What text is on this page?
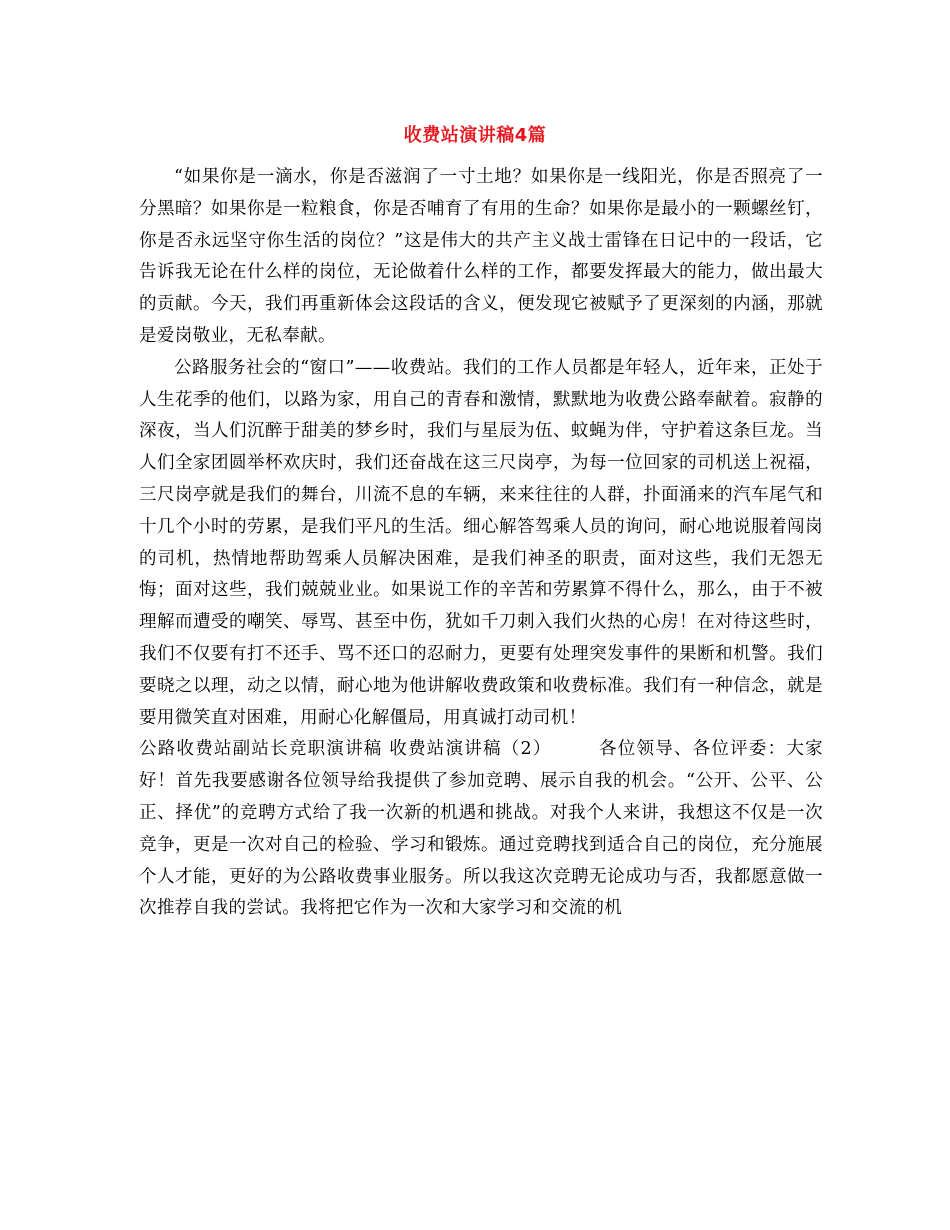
收费站演讲稿4篇

“如果你是一滴水，你是否滋润了一寸土地？如果你是一线阳光，你是否照亮了一分黑暗？如果你是一粒粮食，你是否哺育了有用的生命？如果你是最小的一颗螺丝钉，你是否永远坚守你生活的岗位？”这是伟大的共产主义战士雷锋在日记中的一段话，它告诉我无论在什么样的岗位，无论做着什么样的工作，都要发挥最大的能力，做出最大的贡献。今天，我们再重新体会这段话的含义，便发现它被赋予了更深刻的内涵，那就是爱岗敬业，无私奉献。

公路服务社会的“窗口”——收费站。我们的工作人员都是年轻人，近年来，正处于人生花季的他们，以路为家，用自己的青春和激情，默默地为收费公路奉献着。寂静的深夜，当人们沉醉于甜美的梦乡时，我们与星辰为伍、蚊蝇为伴，守护着这条巨龙。当人们全家团圆举杯欢庆时，我们还奋战在这三尺岗亭，为每一位回家的司机送上祝福，三尺岗亭就是我们的舞台，川流不息的车辆，来来往往的人群，扑面涌来的汽车尾气和十几个小时的劳累，是我们平凡的生活。细心解答驾乘人员的询问，耐心地说服着闯岗的司机，热情地帮助驾乘人员解决困难，是我们神圣的职责，面对这些，我们无怨无悔；面对这些，我们兢兢业业。如果说工作的辛苦和劳累算不得什么，那么，由于不被理解而遭受的嘲笑、辱骂、甚至中伤，犹如千刀刺入我们火热的心房！在对待这些时，我们不仅要有打不还手、骂不还口的忍耐力，更要有处理突发事件的果断和机警。我们要晓之以理，动之以情，耐心地为他讲解收费政策和收费标准。我们有一种信念，就是要用微笑直对困难，用耐心化解僵局，用真诚打动司机！

公路收费站副站长竞职演讲稿 收费站演讲稿（2）　　　各位领导、各位评委：大家好！首先我要感谢各位领导给我提供了参加竞聘、展示自我的机会。“公开、公平、公正、择优”的竞聘方式给了我一次新的机遇和挑战。对我个人来讲，我想这不仅是一次竞争，更是一次对自己的检验、学习和锻炼。通过竞聘找到适合自己的岗位，充分施展个人才能，更好的为公路收费事业服务。所以我这次竞聘无论成功与否，我都愿意做一次推荐自我的尝试。我将把它作为一次和大家学习和交流的机
